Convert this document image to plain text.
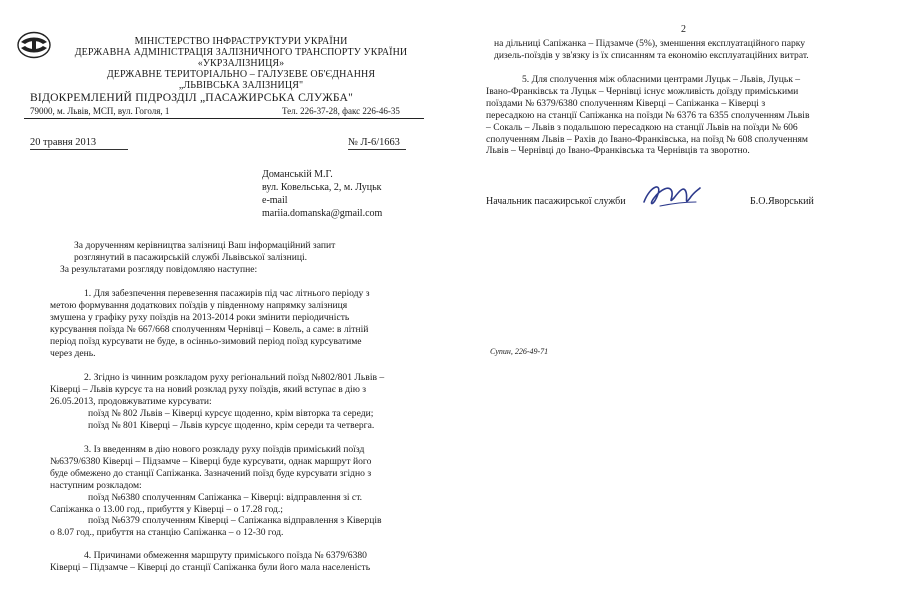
МІНІСТЕРСТВО ІНФРАСТРУКТУРИ УКРАЇНИ
ДЕРЖАВНА АДМІНІСТРАЦІЯ ЗАЛІЗНИЧНОГО ТРАНСПОРТУ УКРАЇНИ
«УКРЗАЛІЗНИЦЯ»
ДЕРЖАВНЕ ТЕРИТОРІАЛЬНО – ГАЛУЗЕВЕ ОБ'ЄДНАННЯ
„ЛЬВІВСЬКА ЗАЛІЗНИЦЯ"
ВІДОКРЕМЛЕНИЙ ПІДРОЗДІЛ „ПАСАЖИРСЬКА СЛУЖБА"
79000, м. Львів, МСП, вул. Гоголя, 1	Тел. 226-37-28, факс 226-46-35
20 травня 2013	№ Л-6/1663
Доманській М.Г.
вул. Ковельська, 2, м. Луцьк
e-mail
mariia.domanska@gmail.com
За дорученням керівництва залізниці Ваш інформаційний запит
розглянутий в пасажирській службі Львівської залізниці.
За результатами розгляду повідомляю наступне:
1. Для забезпечення перевезення пасажирів під час літнього періоду з
метою формування додаткових поїздів у південному напрямку залізниця
змушена у графіку руху поїздів на 2013-2014 роки змінити періодичність
курсування поїзда № 667/668 сполученням Чернівці – Ковель, а саме: в літній
період поїзд курсувати не буде, в осінньо-зимовий період поїзд курсуватиме
через день.
2. Згідно із чинним розкладом руху регіональний поїзд №802/801 Львів –
Ківерці – Львів курсує та на новий розклад руху поїздів, який вступає в дію з
26.05.2013, продовжуватиме курсувати:
поїзд № 802 Львів – Ківерці курсує щоденно, крім вівторка та середи;
поїзд № 801 Ківерці – Львів курсує щоденно, крім середи та четверга.
3. Із введенням в дію нового розкладу руху поїздів приміський поїзд
№6379/6380 Ківерці – Підзамче – Ківерці буде курсувати, однак маршрут його
буде обмежено до станції Сапіжанка. Зазначений поїзд буде курсувати згідно з
наступним розкладом:
поїзд №6380 сполученням Сапіжанка – Ківерці: відправлення зі ст.
Сапіжанка о 13.00 год., прибуття у Ківерці – о 17.28 год.;
поїзд №6379 сполученням Ківерці – Сапіжанка відправлення з Ківерців
о 8.07 год., прибуття на станцію Сапіжанка – о 12-30 год.
4. Причинами обмеження маршруту приміського поїзда № 6379/6380
Ківерці – Підзамче – Ківерці до станції Сапіжанка були його мала населеність
2
на дільниці Сапіжанка – Підзамче (5%), зменшення експлуатаційного парку
дизель-поїздів у зв'язку із їх списанням та економію експлуатаційних витрат.
5. Для сполучення між обласними центрами Луцьк – Львів, Луцьк –
Івано-Франківськ та Луцьк – Чернівці існує можливість доїзду приміськими
поїздами № 6379/6380 сполученням Ківерці – Сапіжанка – Ківерці з
пересадкою на станції Сапіжанка на поїзди № 6376 та 6355 сполученням Львів
– Сокаль – Львів з подальшою пересадкою на станції Львів на поїзди № 606
сполученням Львів – Рахів до Івано-Франківська, на поїзд № 608 сполученням
Львів – Чернівці до Івано-Франківська та Чернівців та зворотно.
Начальник пасажирської служби	Б.О.Яворський
Супин, 226-49-71
